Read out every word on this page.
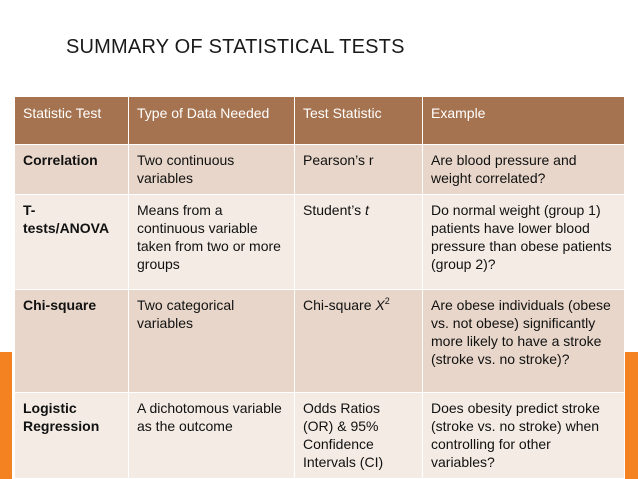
SUMMARY OF STATISTICAL TESTS
Statistic Test	Type of Data Needed	Test Statistic	Example
Correlation	Two continuous variables	Pearson’s r	Are blood pressure and weight correlated?
T-tests/ANOVA	Means from a continuous variable taken from two or more groups	Student’s t	Do normal weight (group 1) patients have lower blood pressure than obese patients (group 2)?
Chi-square	Two categorical variables	Chi-square $X^2$	Are obese individuals (obese vs. not obese) significantly more likely to have a stroke (stroke vs. no stroke)?
Logistic Regression	A dichotomous variable as the outcome	Odds Ratios (OR) & 95% Confidence Intervals (CI)	Does obesity predict stroke (stroke vs. no stroke) when controlling for other variables?
